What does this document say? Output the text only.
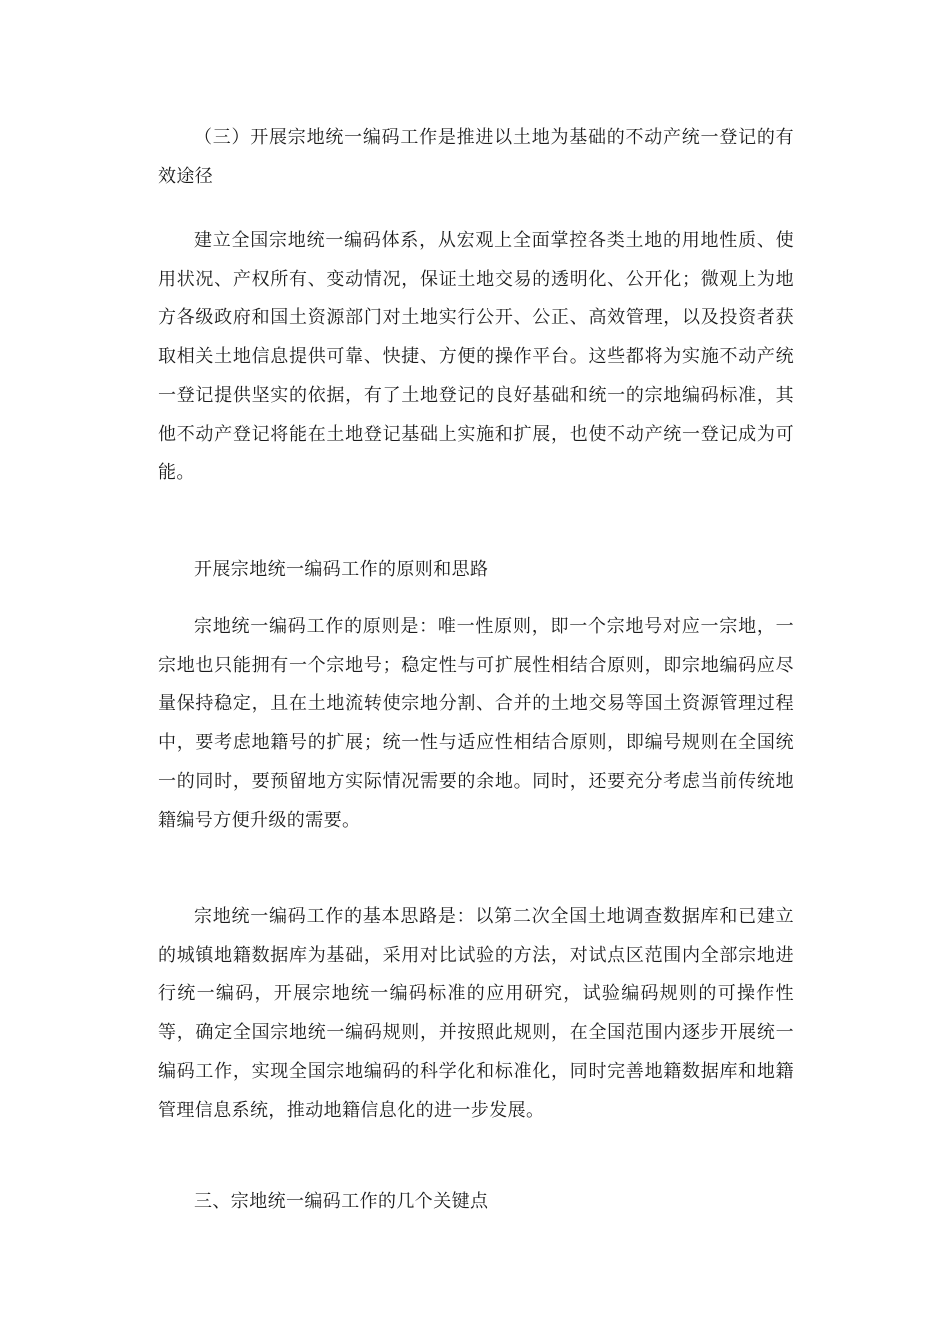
（三）开展宗地统一编码工作是推进以土地为基础的不动产统一登记的有效途径

建立全国宗地统一编码体系，从宏观上全面掌控各类土地的用地性质、使用状况、产权所有、变动情况，保证土地交易的透明化、公开化；微观上为地方各级政府和国土资源部门对土地实行公开、公正、高效管理，以及投资者获取相关土地信息提供可靠、快捷、方便的操作平台。这些都将为实施不动产统一登记提供坚实的依据，有了土地登记的良好基础和统一的宗地编码标准，其他不动产登记将能在土地登记基础上实施和扩展，也使不动产统一登记成为可能。

开展宗地统一编码工作的原则和思路

宗地统一编码工作的原则是：唯一性原则，即一个宗地号对应一宗地，一宗地也只能拥有一个宗地号；稳定性与可扩展性相结合原则，即宗地编码应尽量保持稳定，且在土地流转使宗地分割、合并的土地交易等国土资源管理过程中，要考虑地籍号的扩展；统一性与适应性相结合原则，即编号规则在全国统一的同时，要预留地方实际情况需要的余地。同时，还要充分考虑当前传统地籍编号方便升级的需要。

宗地统一编码工作的基本思路是：以第二次全国土地调查数据库和已建立的城镇地籍数据库为基础，采用对比试验的方法，对试点区范围内全部宗地进行统一编码，开展宗地统一编码标准的应用研究，试验编码规则的可操作性等，确定全国宗地统一编码规则，并按照此规则，在全国范围内逐步开展统一编码工作，实现全国宗地编码的科学化和标准化，同时完善地籍数据库和地籍管理信息系统，推动地籍信息化的进一步发展。

三、宗地统一编码工作的几个关键点
